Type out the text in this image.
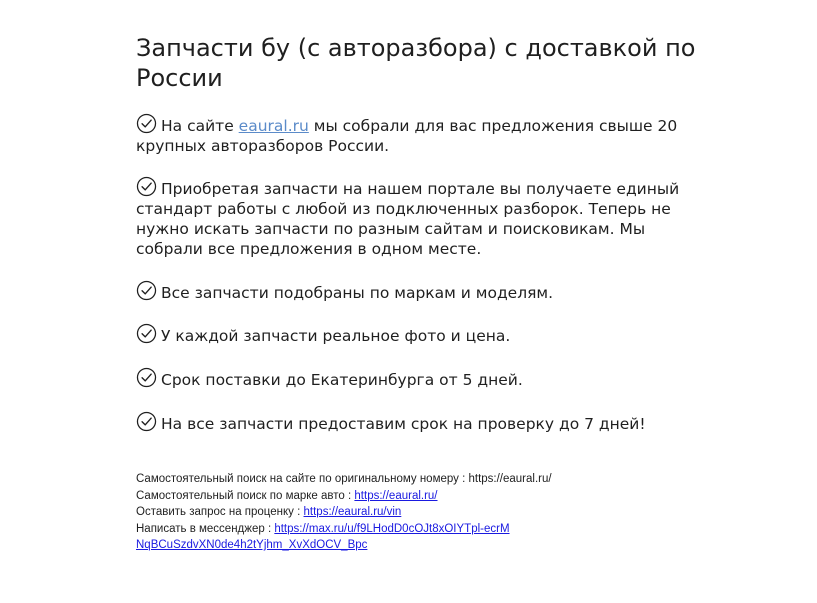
Запчасти бу (с авторазбора) с доставкой по России
На сайте eaural.ru мы собрали для вас предложения свыше 20 крупных авторазборов России.
Приобретая запчасти на нашем портале вы получаете единый стандарт работы с любой из подключенных разборок. Теперь не нужно искать запчасти по разным сайтам и поисковикам. Мы собрали все предложения в одном месте.
Все запчасти подобраны по маркам и моделям.
У каждой запчасти реальное фото и цена.
Срок поставки до Екатеринбурга от 5 дней.
На все запчасти предоставим срок на проверку до 7 дней!
Самостоятельный поиск на сайте по оригинальному номеру : https://eaural.ru/
Самостоятельный поиск по марке авто : https://eaural.ru/
Оставить запрос на проценку : https://eaural.ru/vin
Написать в мессенджер : https://max.ru/u/f9LHodD0cOJt8xOIYTpl-ecrMNqBCuSzdvXN0de4h2tYjhm_XvXdOCV_Bpc
